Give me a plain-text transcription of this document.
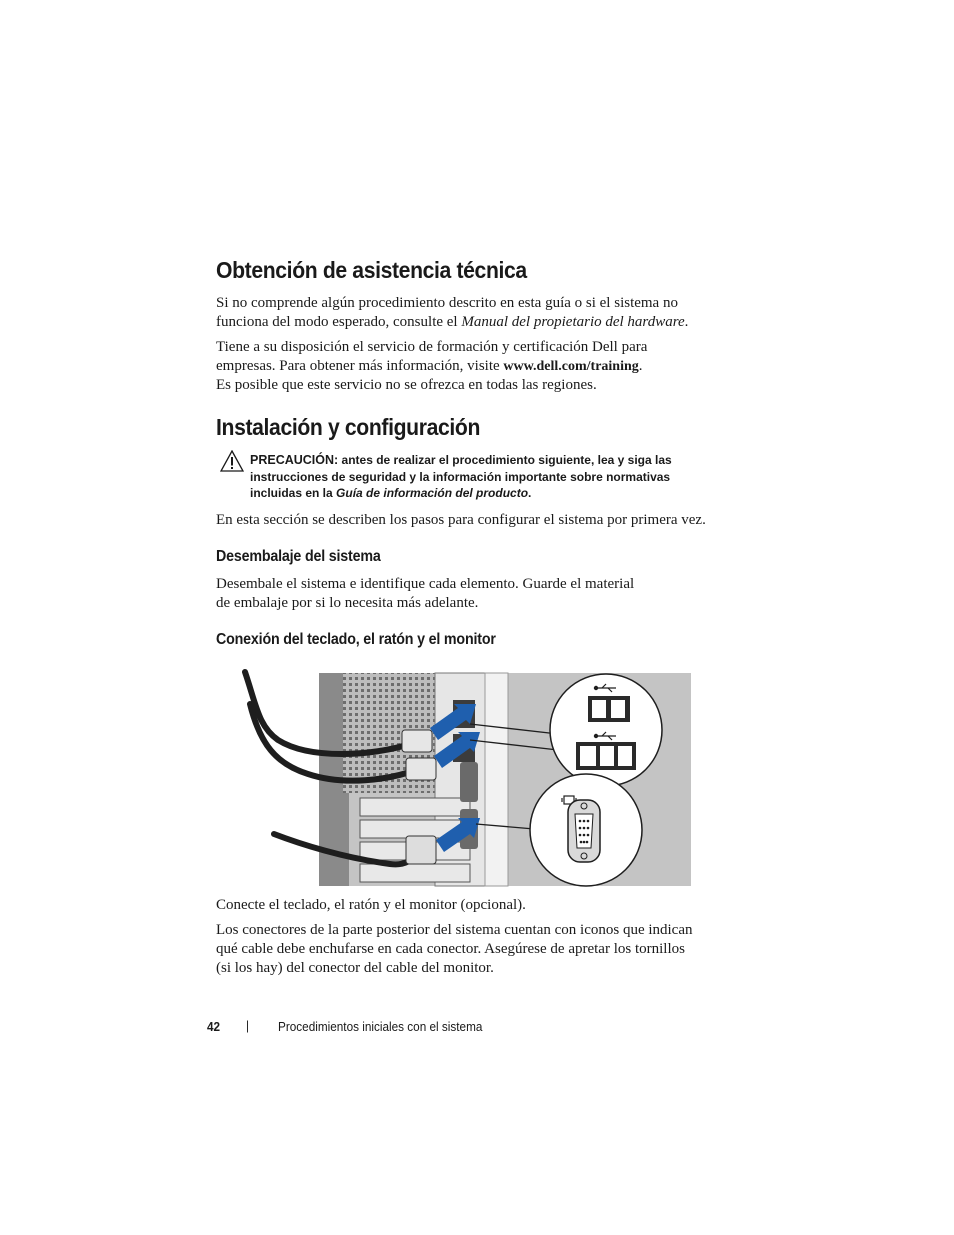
Obtención de asistencia técnica
Si no comprende algún procedimiento descrito en esta guía o si el sistema no
funciona del modo esperado, consulte el Manual del propietario del hardware.
Tiene a su disposición el servicio de formación y certificación Dell para
empresas. Para obtener más información, visite www.dell.com/training.
Es posible que este servicio no se ofrezca en todas las regiones.
Instalación y configuración
PRECAUCIÓN: antes de realizar el procedimiento siguiente, lea y siga las
instrucciones de seguridad y la información importante sobre normativas
incluidas en la Guía de información del producto.
En esta sección se describen los pasos para configurar el sistema por primera vez.
Desembalaje del sistema
Desembale el sistema e identifique cada elemento. Guarde el material
de embalaje por si lo necesita más adelante.
Conexión del teclado, el ratón y el monitor
Conecte el teclado, el ratón y el monitor (opcional).
Los conectores de la parte posterior del sistema cuentan con iconos que indican
qué cable debe enchufarse en cada conector. Asegúrese de apretar los tornillos
(si los hay) del conector del cable del monitor.
42 | Procedimientos iniciales con el sistema
